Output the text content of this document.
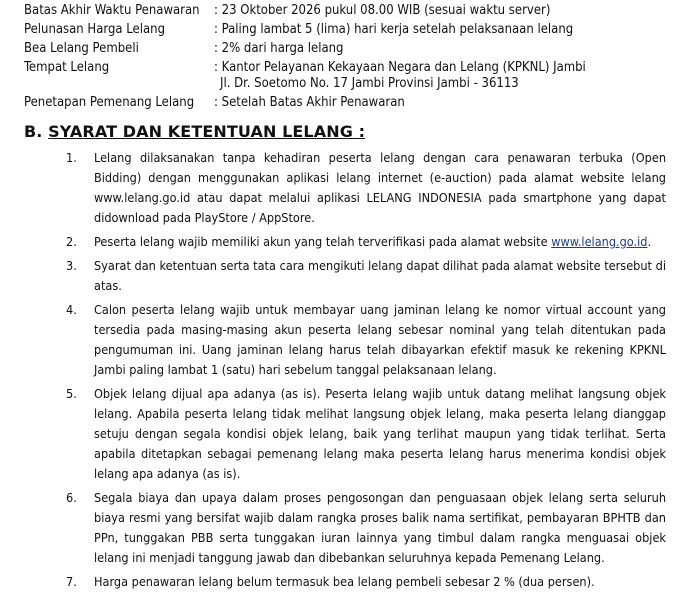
Batas Akhir Waktu Penawaran : 23 Oktober 2026 pukul 08.00 WIB (sesuai waktu server)
Pelunasan Harga Lelang	: Paling lambat 5 (lima) hari kerja setelah pelaksanaan lelang
Bea Lelang Pembeli	: 2% dari harga lelang
Tempat Lelang	: Kantor Pelayanan Kekayaan Negara dan Lelang (KPKNL) Jambi
Jl. Dr. Soetomo No. 17 Jambi Provinsi Jambi - 36113
Penetapan Pemenang Lelang : Setelah Batas Akhir Penawaran
B. SYARAT DAN KETENTUAN LELANG :
1. Lelang dilaksanakan tanpa kehadiran peserta lelang dengan cara penawaran terbuka (Open Bidding) dengan menggunakan aplikasi lelang internet (e-auction) pada alamat website lelang www.lelang.go.id atau dapat melalui aplikasi LELANG INDONESIA pada smartphone yang dapat didownload pada PlayStore / AppStore.
2. Peserta lelang wajib memiliki akun yang telah terverifikasi pada alamat website www.lelang.go.id.
3. Syarat dan ketentuan serta tata cara mengikuti lelang dapat dilihat pada alamat website tersebut di atas.
4. Calon peserta lelang wajib untuk membayar uang jaminan lelang ke nomor virtual account yang tersedia pada masing-masing akun peserta lelang sebesar nominal yang telah ditentukan pada pengumuman ini. Uang jaminan lelang harus telah dibayarkan efektif masuk ke rekening KPKNL Jambi paling lambat 1 (satu) hari sebelum tanggal pelaksanaan lelang.
5. Objek lelang dijual apa adanya (as is). Peserta lelang wajib untuk datang melihat langsung objek lelang. Apabila peserta lelang tidak melihat langsung objek lelang, maka peserta lelang dianggap setuju dengan segala kondisi objek lelang, baik yang terlihat maupun yang tidak terlihat. Serta apabila ditetapkan sebagai pemenang lelang maka peserta lelang harus menerima kondisi objek lelang apa adanya (as is).
6. Segala biaya dan upaya dalam proses pengosongan dan penguasaan objek lelang serta seluruh biaya resmi yang bersifat wajib dalam rangka proses balik nama sertifikat, pembayaran BPHTB dan PPn, tunggakan PBB serta tunggakan iuran lainnya yang timbul dalam rangka menguasai objek lelang ini menjadi tanggung jawab dan dibebankan seluruhnya kepada Pemenang Lelang.
7. Harga penawaran lelang belum termasuk bea lelang pembeli sebesar 2 % (dua persen).
